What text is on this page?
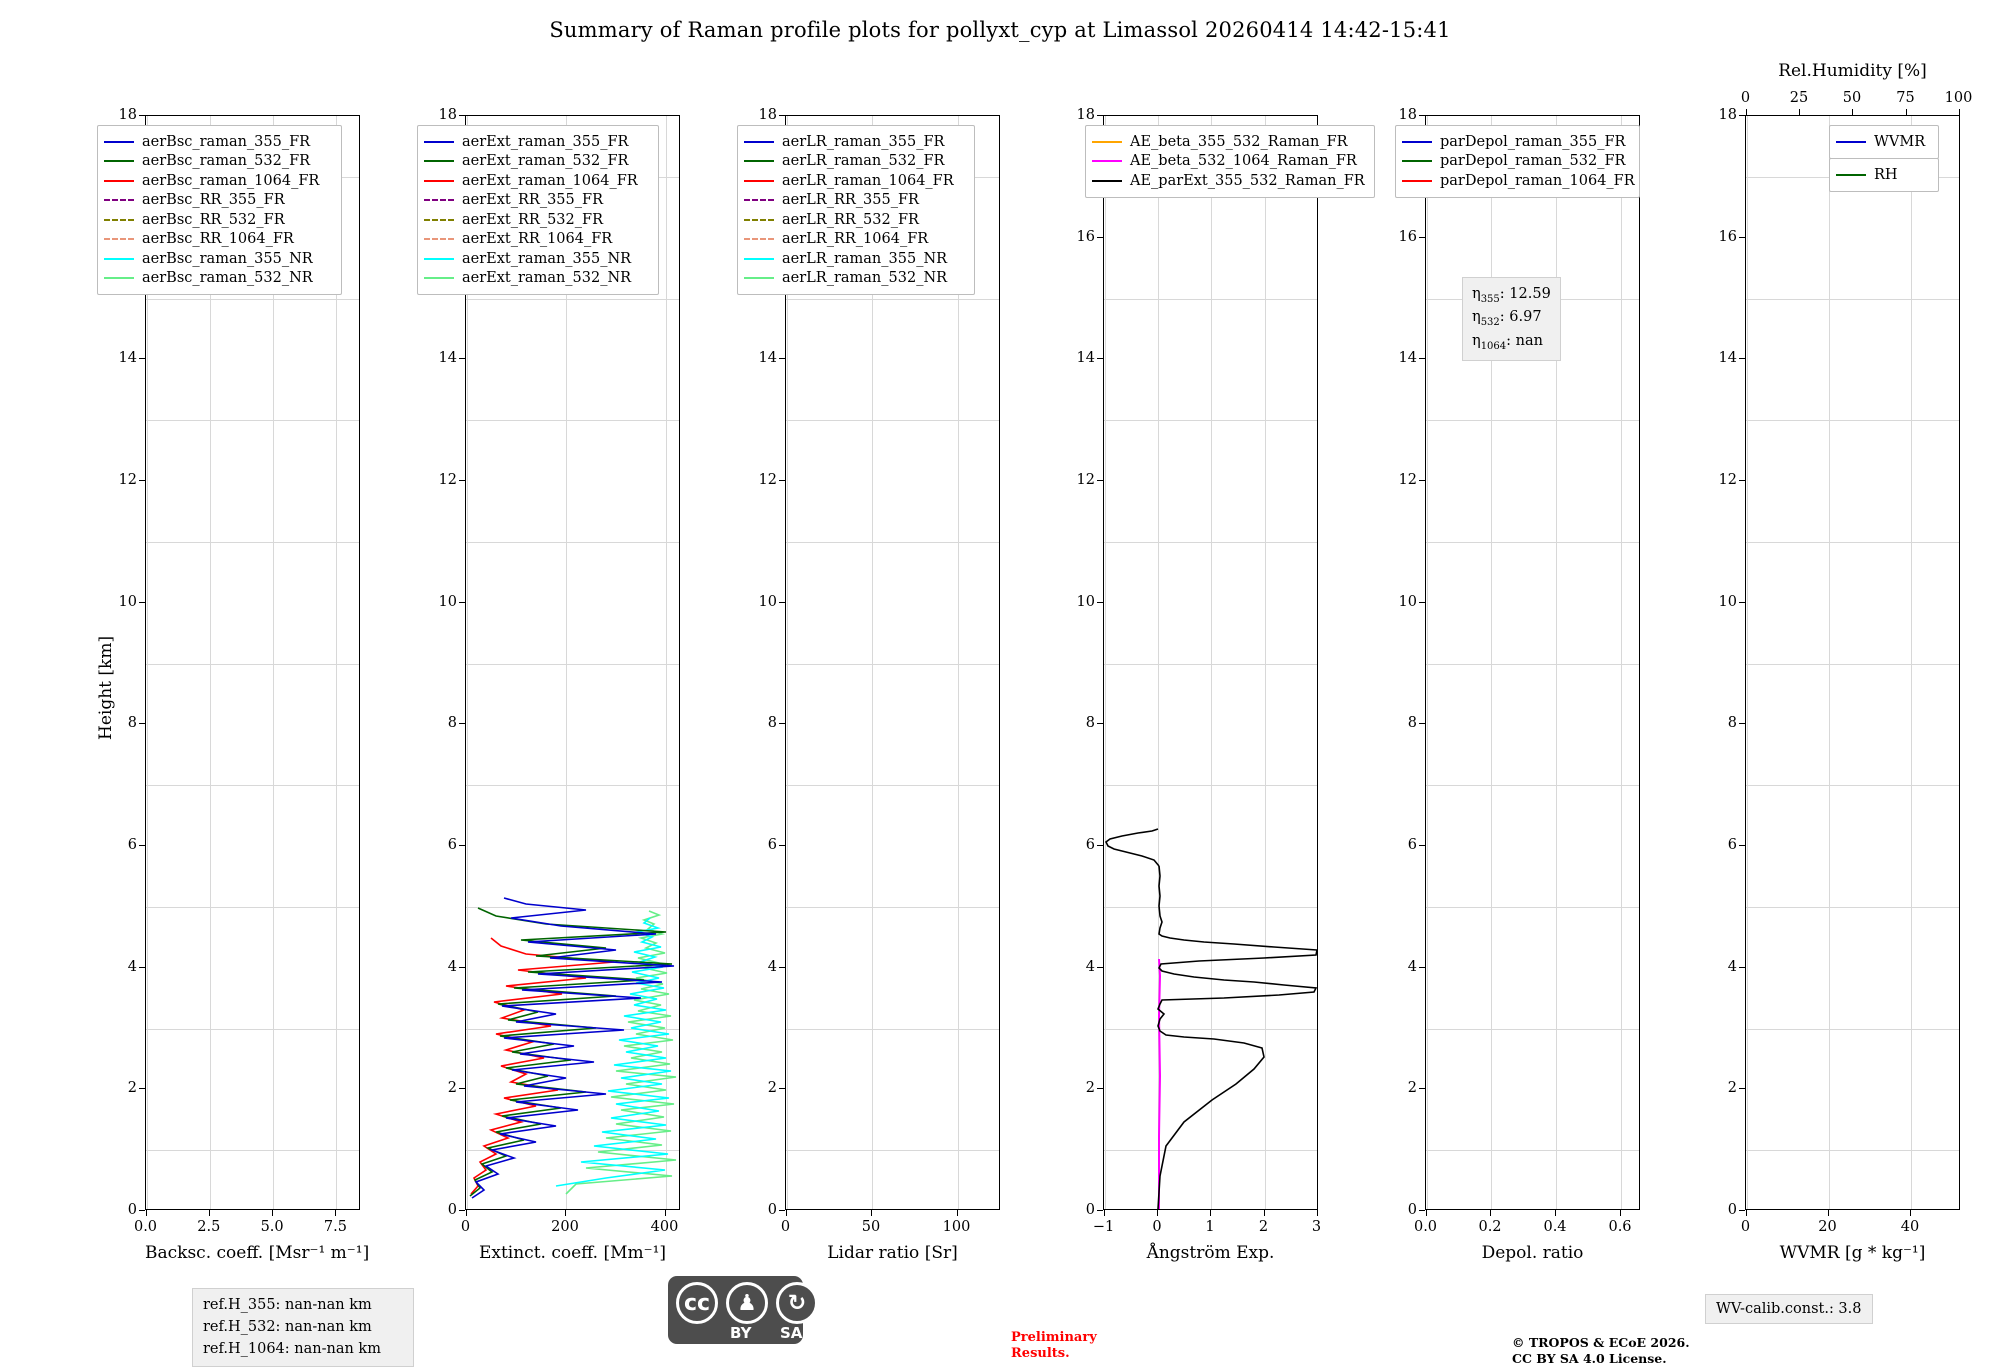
Summary of Raman profile plots for pollyxt_cyp at Limassol 20260414 14:42-15:41
Height [km]
0
2
4
6
8
10
12
14
18
0.0	2.5	5.0	7.5
Backsc. coeff. [Msr⁻¹ m⁻¹]
aerBsc_raman_355_FR
aerBsc_raman_532_FR
aerBsc_raman_1064_FR
aerBsc_RR_355_FR
aerBsc_RR_532_FR
aerBsc_RR_1064_FR
aerBsc_raman_355_NR
aerBsc_raman_532_NR
0
2
4
6
8
10
12
14
18
0	200	400
Extinct. coeff. [Mm⁻¹]
aerExt_raman_355_FR
aerExt_raman_532_FR
aerExt_raman_1064_FR
aerExt_RR_355_FR
aerExt_RR_532_FR
aerExt_RR_1064_FR
aerExt_raman_355_NR
aerExt_raman_532_NR
0
2
4
6
8
10
12
14
18
0	50	100
Lidar ratio [Sr]
aerLR_raman_355_FR
aerLR_raman_532_FR
aerLR_raman_1064_FR
aerLR_RR_355_FR
aerLR_RR_532_FR
aerLR_RR_1064_FR
aerLR_raman_355_NR
aerLR_raman_532_NR
0
2
4
6
8
10
12
14
16
18
−1	0	1	2	3
Ångström Exp.
AE_beta_355_532_Raman_FR
AE_beta_532_1064_Raman_FR
AE_parExt_355_532_Raman_FR
0
2
4
6
8
10
12
14
16
18
0.0	0.2	0.4	0.6
Depol. ratio
parDepol_raman_355_FR
parDepol_raman_532_FR
parDepol_raman_1064_FR
$\eta_{355}$: 12.59
$\eta_{532}$: 6.97
$\eta_{1064}$: nan
0
2
4
6
8
10
12
14
16
18
0	20	40
WVMR [g * kg⁻¹]
0	25 50 75 100
Rel.Humidity [%]
WVMR
RH
ref.H_355: nan-nan km
ref.H_532: nan-nan km
ref.H_1064: nan-nan km
WV-calib.const.: 3.8
cc	♟	↻
BY SA	Preliminary
Results.
© TROPOS & ECoE 2026.
CC BY SA 4.0 License.
